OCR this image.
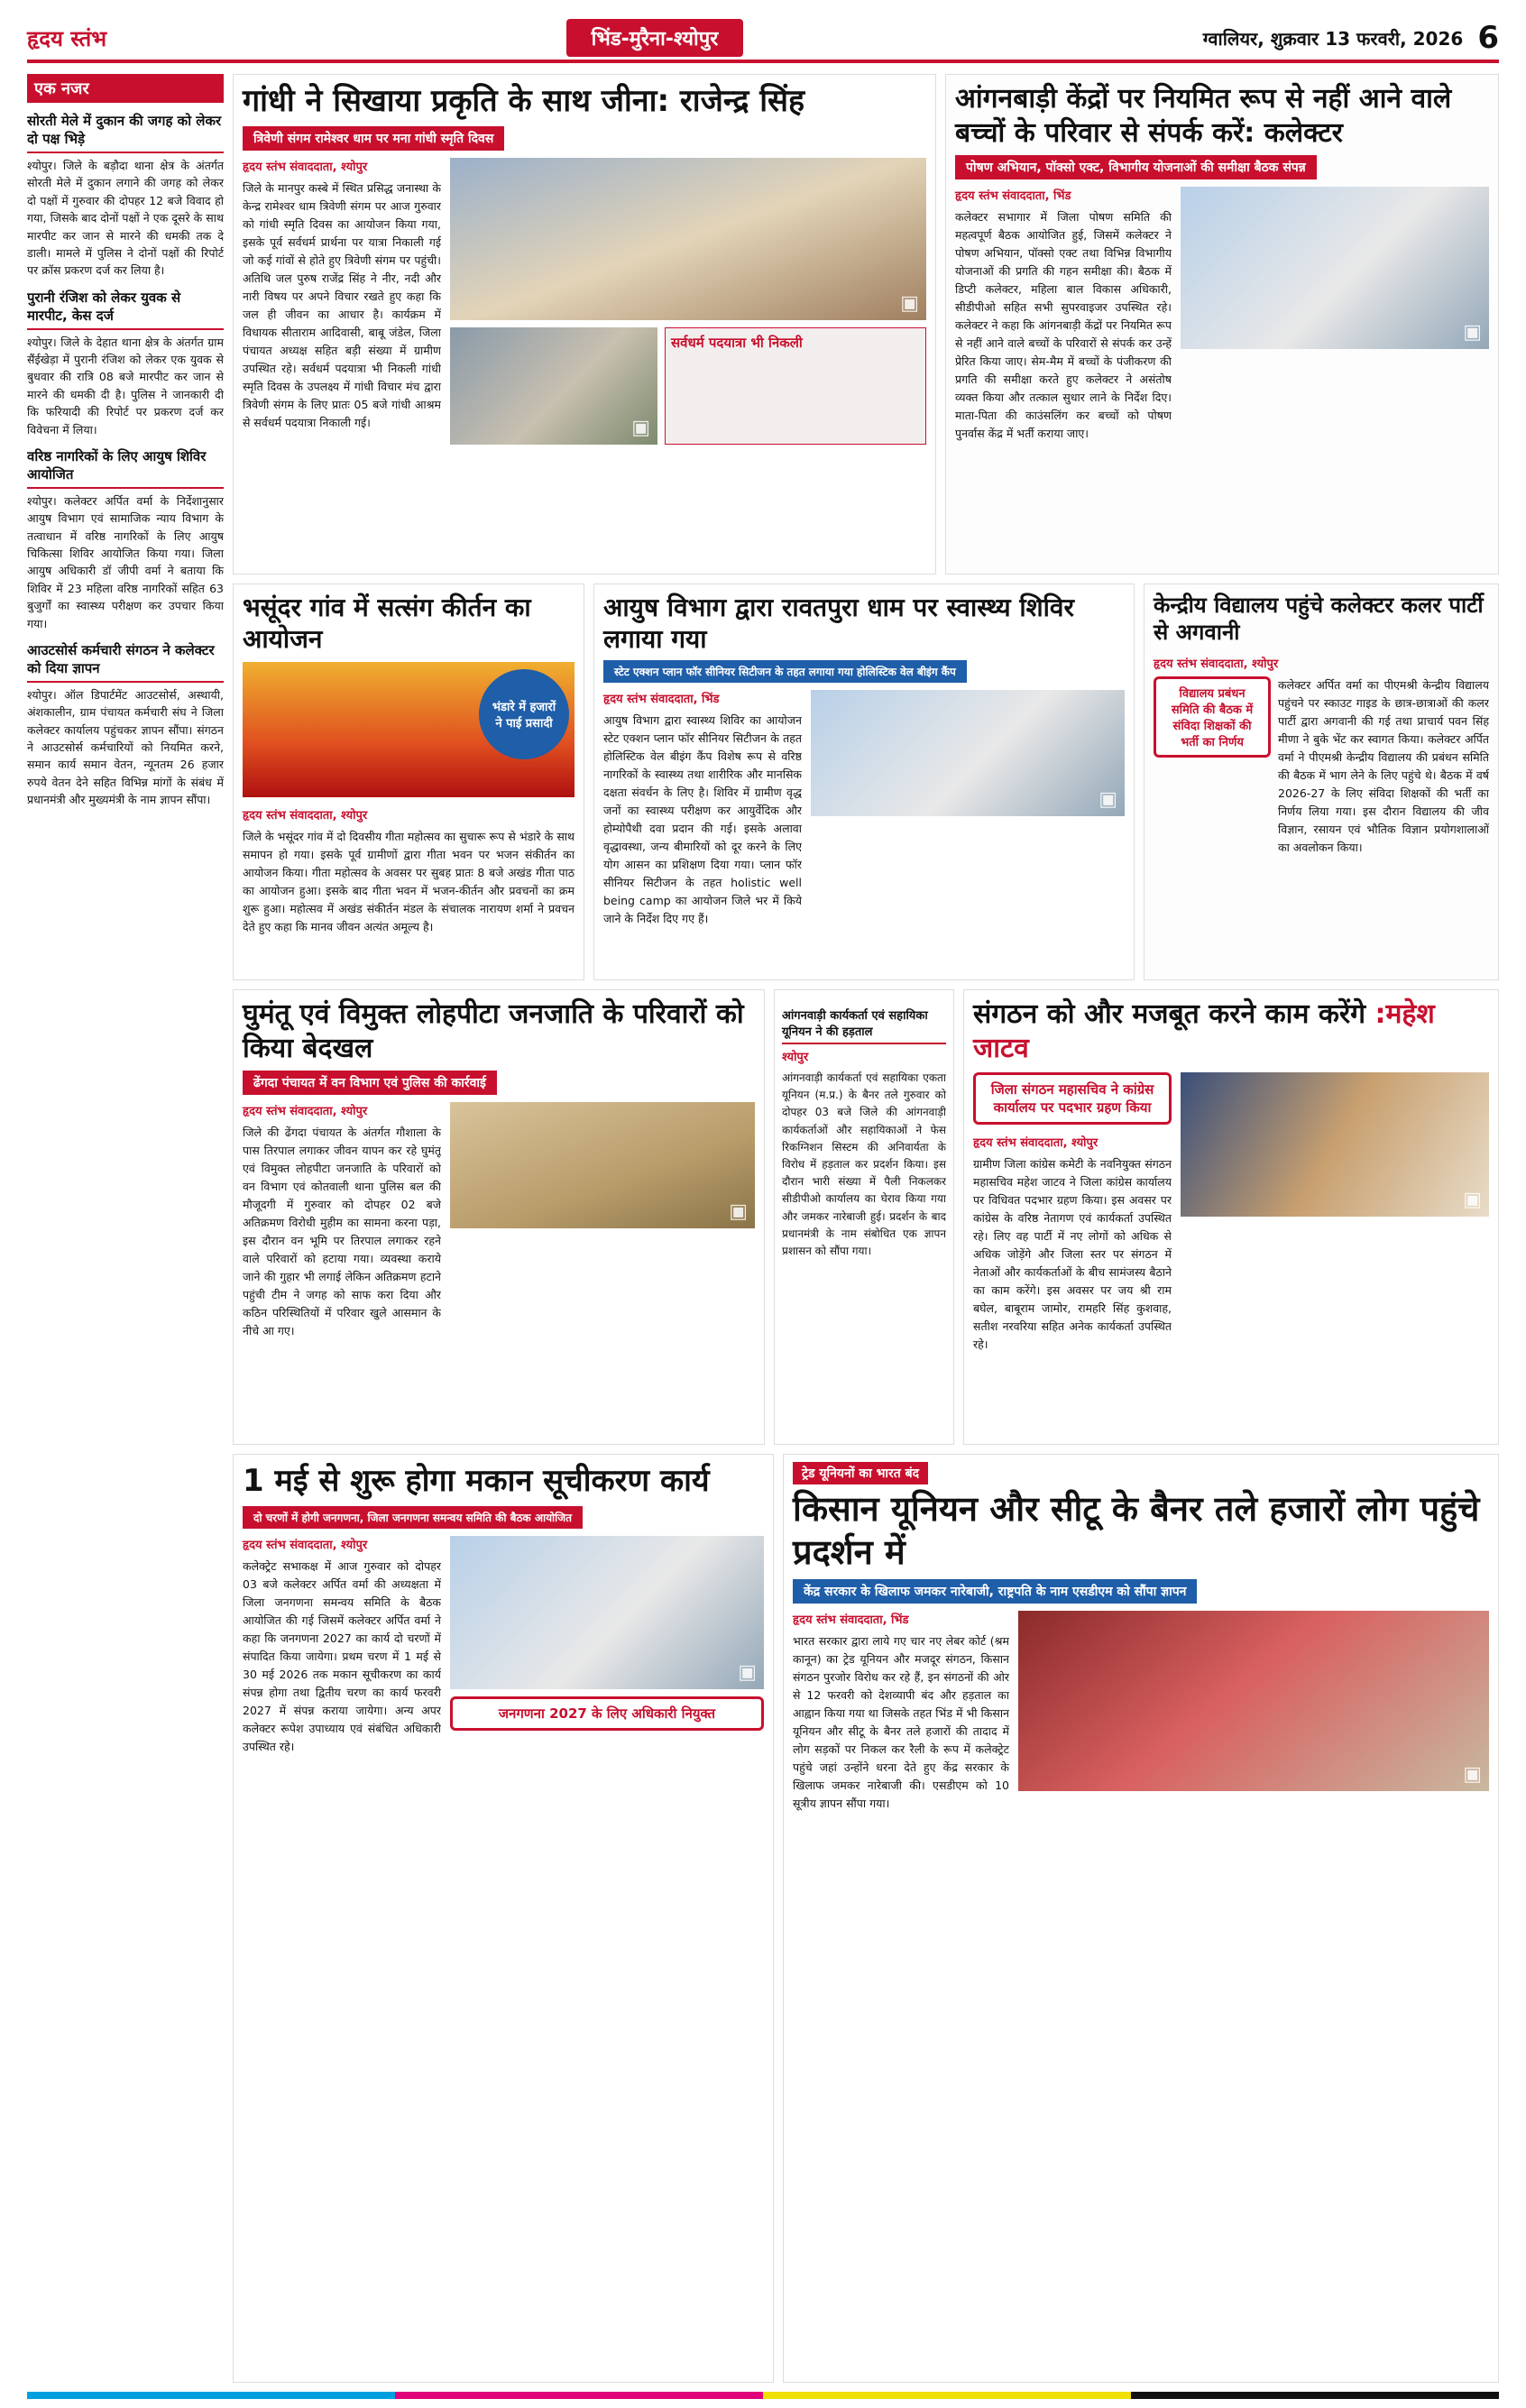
हृदय स्तंभ	भिंड-मुरैना-श्योपुर	ग्वालियर, शुक्रवार 13 फरवरी, 2026 6
एक नजर
सोरती मेले में दुकान की जगह को लेकर दो पक्ष भिड़े

श्योपुर। जिले के बड़ौदा थाना क्षेत्र के अंतर्गत सोरती मेले में दुकान लगाने की जगह को लेकर दो पक्षों में गुरुवार की दोपहर 12 बजे विवाद हो गया, जिसके बाद दोनों पक्षों ने एक दूसरे के साथ मारपीट कर जान से मारने की धमकी तक दे डाली। मामले में पुलिस ने दोनों पक्षों की रिपोर्ट पर क्रॉस प्रकरण दर्ज कर लिया है।

पुरानी रंजिश को लेकर युवक से मारपीट, केस दर्ज

श्योपुर। जिले के देहात थाना क्षेत्र के अंतर्गत ग्राम सैंईखेड़ा में पुरानी रंजिश को लेकर एक युवक से बुधवार की रात्रि 08 बजे मारपीट कर जान से मारने की धमकी दी है। पुलिस ने जानकारी दी कि फरियादी की रिपोर्ट पर प्रकरण दर्ज कर विवेचना में लिया।

वरिष्ठ नागरिकों के लिए आयुष शिविर आयोजित

श्योपुर। कलेक्टर अर्पित वर्मा के निर्देशानुसार आयुष विभाग एवं सामाजिक न्याय विभाग के तत्वाधान में वरिष्ठ नागरिकों के लिए आयुष चिकित्सा शिविर आयोजित किया गया। जिला आयुष अधिकारी डॉ जीपी वर्मा ने बताया कि शिविर में 23 महिला वरिष्ठ नागरिकों सहित 63 बुजुर्गों का स्वास्थ्य परीक्षण कर उपचार किया गया।

आउटसोर्स कर्मचारी संगठन ने कलेक्टर को दिया ज्ञापन

श्योपुर। ऑल डिपार्टमेंट आउटसोर्स, अस्थायी, अंशकालीन, ग्राम पंचायत कर्मचारी संघ ने जिला कलेक्टर कार्यालय पहुंचकर ज्ञापन सौंपा। संगठन ने आउटसोर्स कर्मचारियों को नियमित करने, समान कार्य समान वेतन, न्यूनतम 26 हजार रुपये वेतन देने सहित विभिन्न मांगों के संबंध में प्रधानमंत्री और मुख्यमंत्री के नाम ज्ञापन सौंपा।

गांधी ने सिखाया प्रकृति के साथ जीना: राजेन्द्र सिंह
त्रिवेणी संगम रामेश्वर धाम पर मना गांधी स्मृति दिवस
हृदय स्तंभ संवाददाता, श्योपुर

जिले के मानपुर कस्बे में स्थित प्रसिद्ध जनास्था के केन्द्र रामेश्वर धाम त्रिवेणी संगम पर आज गुरुवार को गांधी स्मृति दिवस का आयोजन किया गया, इसके पूर्व सर्वधर्म प्रार्थना पर यात्रा निकाली गई जो कई गांवों से होते हुए त्रिवेणी संगम पर पहुंची। अतिथि जल पुरुष राजेंद्र सिंह ने नीर, नदी और नारी विषय पर अपने विचार रखते हुए कहा कि जल ही जीवन का आधार है। कार्यक्रम में विधायक सीताराम आदिवासी, बाबू जंडेल, जिला पंचायत अध्यक्ष सहित बड़ी संख्या में ग्रामीण उपस्थित रहे। सर्वधर्म पदयात्रा भी निकली गांधी स्मृति दिवस के उपलक्ष्य में गांधी विचार मंच द्वारा त्रिवेणी संगम के लिए प्रातः 05 बजे गांधी आश्रम से सर्वधर्म पदयात्रा निकाली गई।

▣
▣
सर्वधर्म पदयात्रा भी निकली
आंगनबाड़ी केंद्रों पर नियमित रूप से नहीं आने वाले बच्चों के परिवार से संपर्क करें: कलेक्टर
पोषण अभियान, पॉक्सो एक्ट, विभागीय योजनाओं की समीक्षा बैठक संपन्न
हृदय स्तंभ संवाददाता, भिंड

कलेक्टर सभागार में जिला पोषण समिति की महत्वपूर्ण बैठक आयोजित हुई, जिसमें कलेक्टर ने पोषण अभियान, पॉक्सो एक्ट तथा विभिन्न विभागीय योजनाओं की प्रगति की गहन समीक्षा की। बैठक में डिप्टी कलेक्टर, महिला बाल विकास अधिकारी, सीडीपीओ सहित सभी सुपरवाइजर उपस्थित रहे। कलेक्टर ने कहा कि आंगनबाड़ी केंद्रों पर नियमित रूप से नहीं आने वाले बच्चों के परिवारों से संपर्क कर उन्हें प्रेरित किया जाए। सेम-मैम में बच्चों के पंजीकरण की प्रगति की समीक्षा करते हुए कलेक्टर ने असंतोष व्यक्त किया और तत्काल सुधार लाने के निर्देश दिए। माता-पिता की काउंसलिंग कर बच्चों को पोषण पुनर्वास केंद्र में भर्ती कराया जाए।

▣
भसूंदर गांव में सत्संग कीर्तन का आयोजन
भंडारे में हजारों ने पाई प्रसादी
हृदय स्तंभ संवाददाता, श्योपुर

जिले के भसूंदर गांव में दो दिवसीय गीता महोत्सव का सुचारू रूप से भंडारे के साथ समापन हो गया। इसके पूर्व ग्रामीणों द्वारा गीता भवन पर भजन संकीर्तन का आयोजन किया। गीता महोत्सव के अवसर पर सुबह प्रातः 8 बजे अखंड गीता पाठ का आयोजन हुआ। इसके बाद गीता भवन में भजन-कीर्तन और प्रवचनों का क्रम शुरू हुआ। महोत्सव में अखंड संकीर्तन मंडल के संचालक नारायण शर्मा ने प्रवचन देते हुए कहा कि मानव जीवन अत्यंत अमूल्य है।

आयुष विभाग द्वारा रावतपुरा धाम पर स्वास्थ्य शिविर लगाया गया
स्टेट एक्शन प्लान फॉर सीनियर सिटीजन के तहत लगाया गया होलिस्टिक वेल बीइंग कैंप
हृदय स्तंभ संवाददाता, भिंड

आयुष विभाग द्वारा स्वास्थ्य शिविर का आयोजन स्टेट एक्शन प्लान फॉर सीनियर सिटीजन के तहत होलिस्टिक वेल बीइंग कैंप विशेष रूप से वरिष्ठ नागरिकों के स्वास्थ्य तथा शारीरिक और मानसिक दक्षता संवर्धन के लिए है। शिविर में ग्रामीण वृद्ध जनों का स्वास्थ्य परीक्षण कर आयुर्वेदिक और होम्योपैथी दवा प्रदान की गई। इसके अलावा वृद्धावस्था, जन्य बीमारियों को दूर करने के लिए योग आसन का प्रशिक्षण दिया गया। प्लान फॉर सीनियर सिटीजन के तहत holistic well being camp का आयोजन जिले भर में किये जाने के निर्देश दिए गए हैं।

▣
केन्द्रीय विद्यालय पहुंचे कलेक्टर कलर पार्टी से अगवानी
हृदय स्तंभ संवाददाता, श्योपुर
विद्यालय प्रबंधन समिति की बैठक में संविदा शिक्षकों की भर्ती का निर्णय

कलेक्टर अर्पित वर्मा का पीएमश्री केन्द्रीय विद्यालय पहुंचने पर स्काउट गाइड के छात्र-छात्राओं की कलर पार्टी द्वारा अगवानी की गई तथा प्राचार्य पवन सिंह मीणा ने बुके भेंट कर स्वागत किया। कलेक्टर अर्पित वर्मा ने पीएमश्री केन्द्रीय विद्यालय की प्रबंधन समिति की बैठक में भाग लेने के लिए पहुंचे थे। बैठक में वर्ष 2026-27 के लिए संविदा शिक्षकों की भर्ती का निर्णय लिया गया। इस दौरान विद्यालय की जीव विज्ञान, रसायन एवं भौतिक विज्ञान प्रयोगशालाओं का अवलोकन किया।

घुमंतू एवं विमुक्त लोहपीटा जनजाति के परिवारों को किया बेदखल
ढेंगदा पंचायत में वन विभाग एवं पुलिस की कार्रवाई
हृदय स्तंभ संवाददाता, श्योपुर

जिले की ढेंगदा पंचायत के अंतर्गत गौशाला के पास तिरपाल लगाकर जीवन यापन कर रहे घुमंतू एवं विमुक्त लोहपीटा जनजाति के परिवारों को वन विभाग एवं कोतवाली थाना पुलिस बल की मौजूदगी में गुरुवार को दोपहर 02 बजे अतिक्रमण विरोधी मुहीम का सामना करना पड़ा, इस दौरान वन भूमि पर तिरपाल लगाकर रहने वाले परिवारों को हटाया गया। व्यवस्था कराये जाने की गुहार भी लगाई लेकिन अतिक्रमण हटाने पहुंची टीम ने जगह को साफ करा दिया और कठिन परिस्थितियों में परिवार खुले आसमान के नीचे आ गए।

▣
आंगनवाड़ी कार्यकर्ता एवं सहायिका यूनियन ने की हड़ताल
श्योपुर

आंगनवाड़ी कार्यकर्ता एवं सहायिका एकता यूनियन (म.प्र.) के बैनर तले गुरुवार को दोपहर 03 बजे जिले की आंगनवाड़ी कार्यकर्ताओं और सहायिकाओं ने फेस रिकग्निशन सिस्टम की अनिवार्यता के विरोध में हड़ताल कर प्रदर्शन किया। इस दौरान भारी संख्या में पैली निकलकर सीडीपीओ कार्यालय का घेराव किया गया और जमकर नारेबाजी हुई। प्रदर्शन के बाद प्रधानमंत्री के नाम संबोधित एक ज्ञापन प्रशासन को सौंपा गया।

संगठन को और मजबूत करने काम करेंगे :महेश जाटव
जिला संगठन महासचिव ने कांग्रेस कार्यालय पर पदभार ग्रहण किया
हृदय स्तंभ संवाददाता, श्योपुर

ग्रामीण जिला कांग्रेस कमेटी के नवनियुक्त संगठन महासचिव महेश जाटव ने जिला कांग्रेस कार्यालय पर विधिवत पदभार ग्रहण किया। इस अवसर पर कांग्रेस के वरिष्ठ नेतागण एवं कार्यकर्ता उपस्थित रहे। लिए वह पार्टी में नए लोगों को अधिक से अधिक जोड़ेंगे और जिला स्तर पर संगठन में नेताओं और कार्यकर्ताओं के बीच सामंजस्य बैठाने का काम करेंगे। इस अवसर पर जय श्री राम बघेल, बाबूराम जामोर, रामहरि सिंह कुशवाह, सतीश नरवरिया सहित अनेक कार्यकर्ता उपस्थित रहे।

▣
1 मई से शुरू होगा मकान सूचीकरण कार्य
दो चरणों में होगी जनगणना, जिला जनगणना समन्वय समिति की बैठक आयोजित
हृदय स्तंभ संवाददाता, श्योपुर

कलेक्ट्रेट सभाकक्ष में आज गुरुवार को दोपहर 03 बजे कलेक्टर अर्पित वर्मा की अध्यक्षता में जिला जनगणना समन्वय समिति के बैठक आयोजित की गई जिसमें कलेक्टर अर्पित वर्मा ने कहा कि जनगणना 2027 का कार्य दो चरणों में संपादित किया जायेगा। प्रथम चरण में 1 मई से 30 मई 2026 तक मकान सूचीकरण का कार्य संपन्न होगा तथा द्वितीय चरण का कार्य फरवरी 2027 में संपन्न कराया जायेगा। अन्य अपर कलेक्टर रूपेश उपाध्याय एवं संबंधित अधिकारी उपस्थित रहे।

▣
जनगणना 2027 के लिए अधिकारी नियुक्त
ट्रेड यूनियनों का भारत बंद
किसान यूनियन और सीटू के बैनर तले हजारों लोग पहुंचे प्रदर्शन में
केंद्र सरकार के खिलाफ जमकर नारेबाजी, राष्ट्रपति के नाम एसडीएम को सौंपा ज्ञापन
हृदय स्तंभ संवाददाता, भिंड

भारत सरकार द्वारा लाये गए चार नए लेबर कोर्ट (श्रम कानून) का ट्रेड यूनियन और मजदूर संगठन, किसान संगठन पुरजोर विरोध कर रहे हैं, इन संगठनों की ओर से 12 फरवरी को देशव्यापी बंद और हड़ताल का आह्वान किया गया था जिसके तहत भिंड में भी किसान यूनियन और सीटू के बैनर तले हजारों की तादाद में लोग सड़कों पर निकल कर रैली के रूप में कलेक्ट्रेट पहुंचे जहां उन्होंने धरना देते हुए केंद्र सरकार के खिलाफ जमकर नारेबाजी की। एसडीएम को 10 सूत्रीय ज्ञापन सौंपा गया।

▣
